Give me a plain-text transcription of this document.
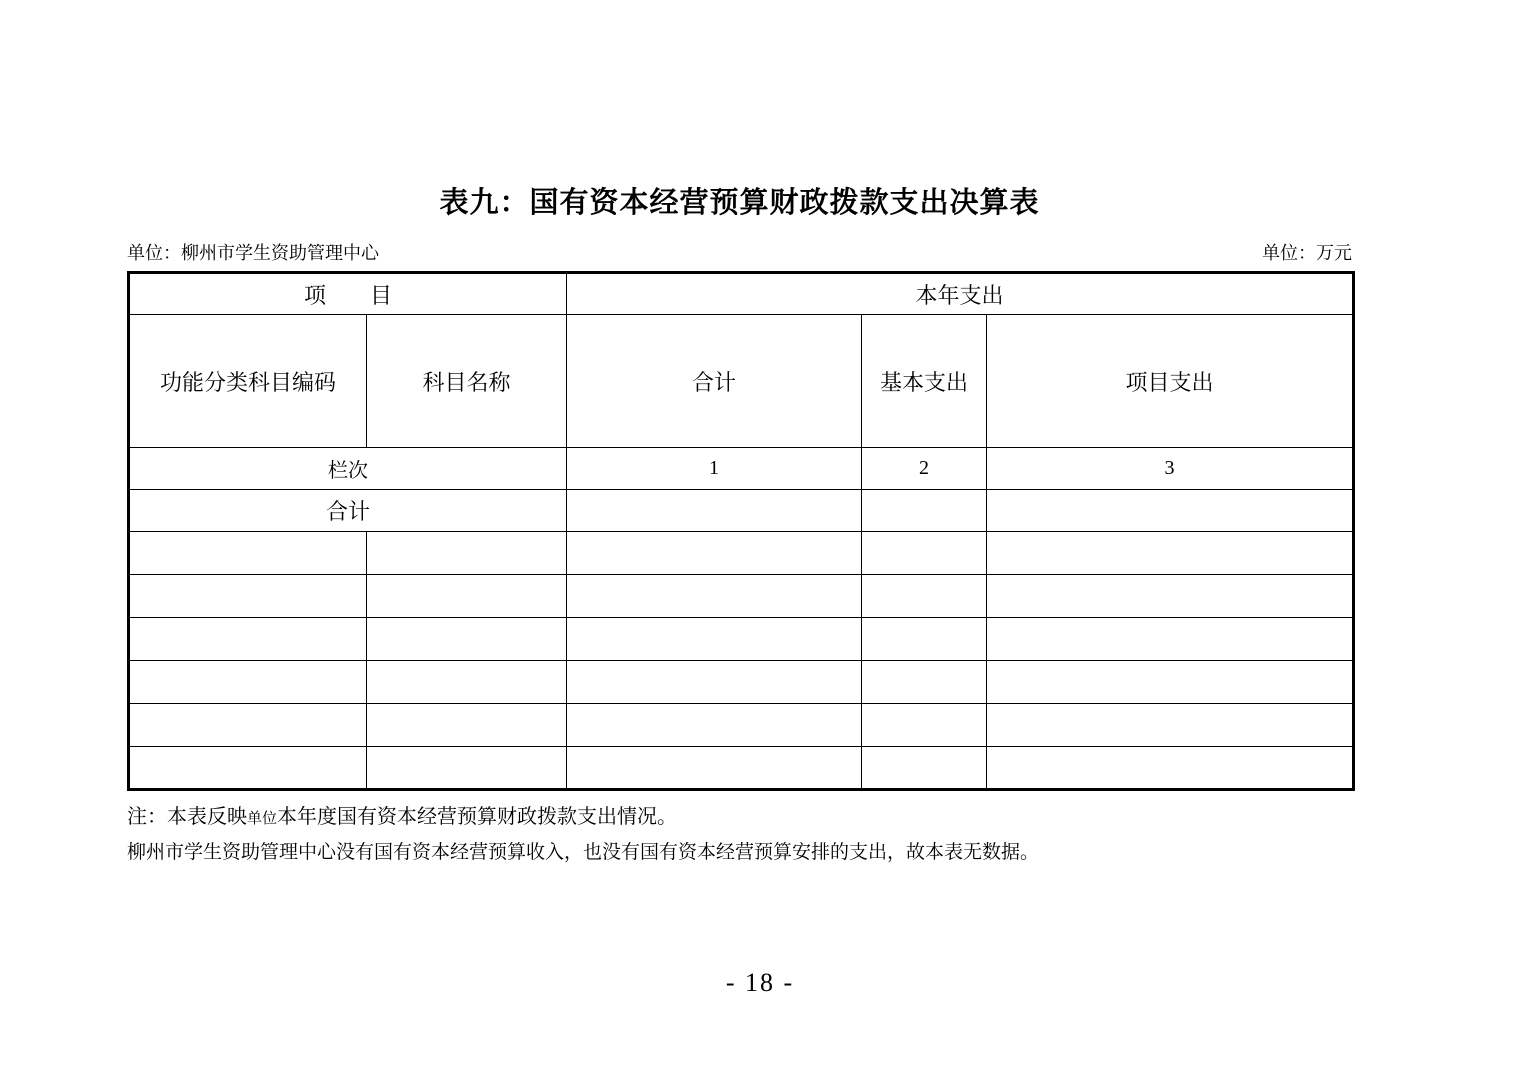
表九：国有资本经营预算财政拨款支出决算表
单位：柳州市学生资助管理中心	单位：万元
项　　目		本年支出		
功能分类科目编码	科目名称	合计	基本支出	项目支出
栏次		1	2	3
合计				

注：本表反映单位本年度国有资本经营预算财政拨款支出情况。

柳州市学生资助管理中心没有国有资本经营预算收入，也没有国有资本经营预算安排的支出，故本表无数据。

- 18 -
